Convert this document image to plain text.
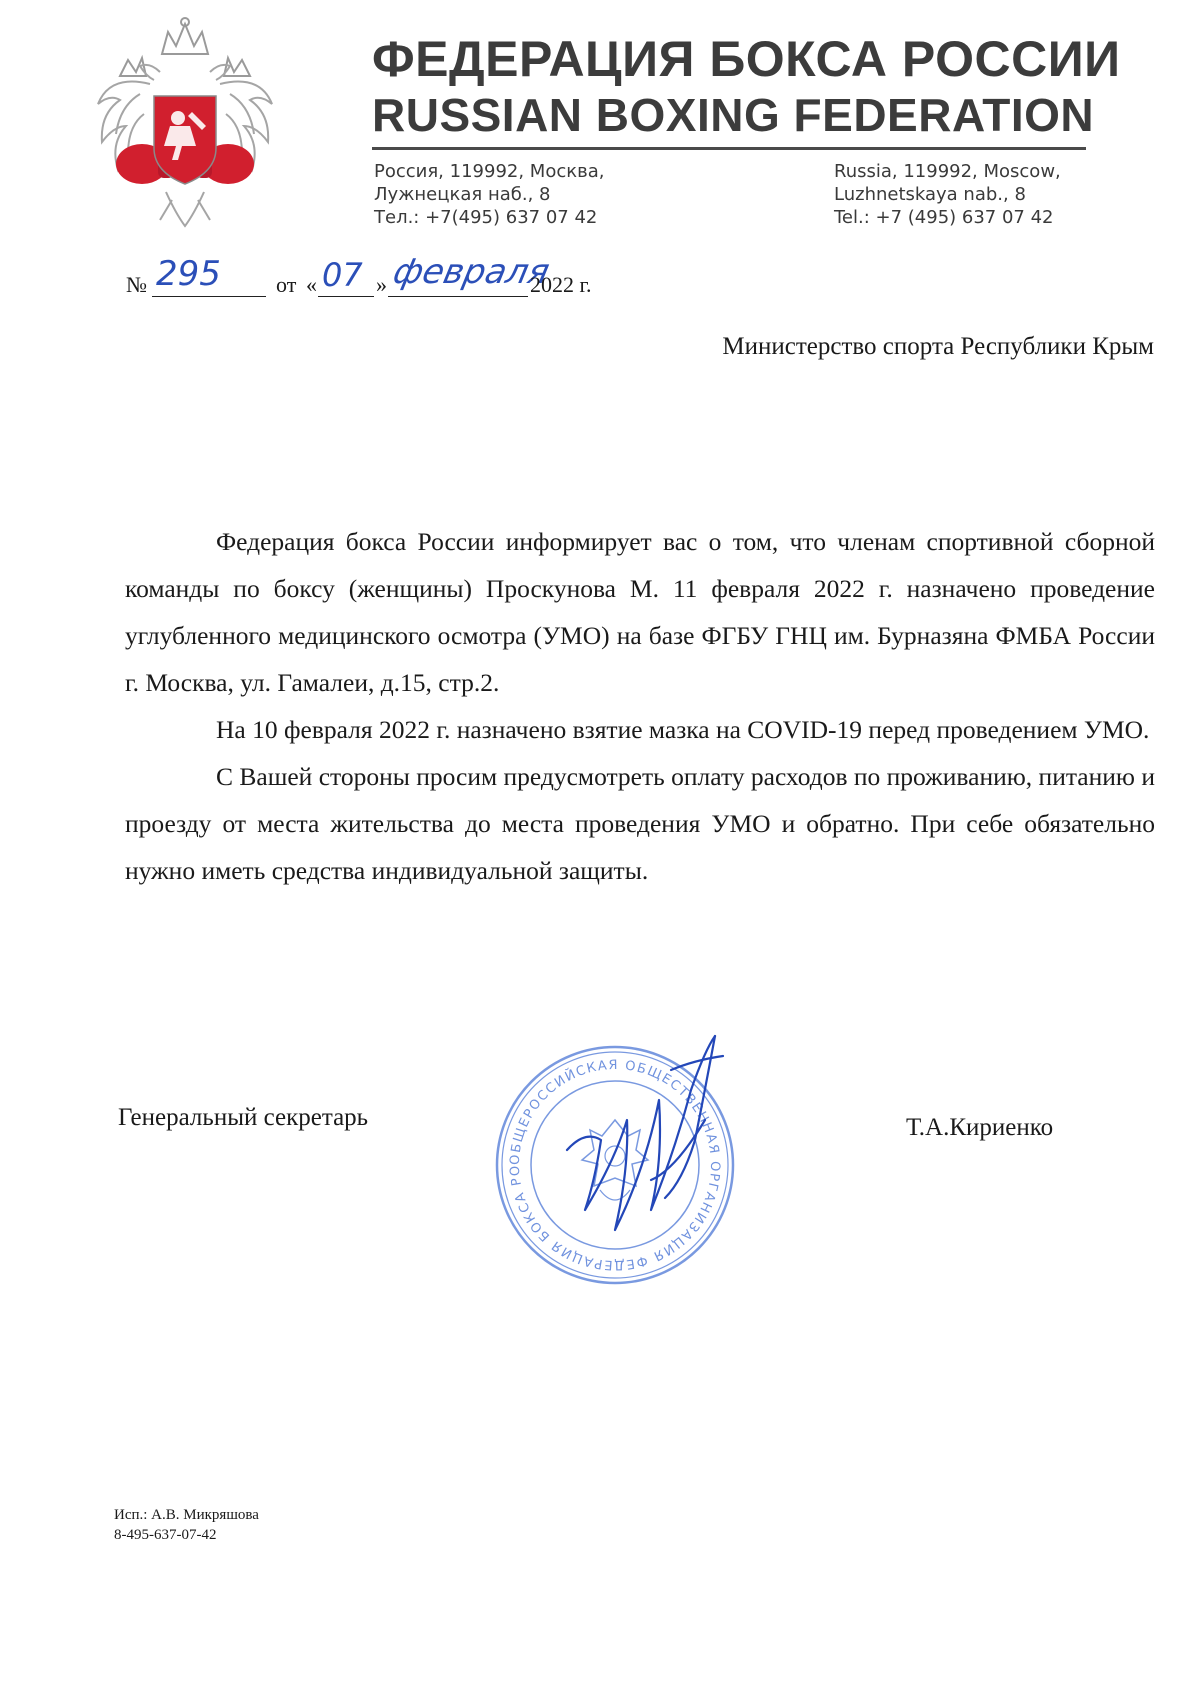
ФЕДЕРАЦИЯ БОКСА РОССИИ
RUSSIAN BOXING FEDERATION
Россия, 119992, Москва,
Лужнецкая наб., 8
Тел.: +7(495) 637 07 42
Russia, 119992, Moscow,
Luzhnetskaya nab., 8
Tel.: +7 (495) 637 07 42
№ 295	от « 07 » февраля
2022 г.
Министерство спорта Республики Крым

Федерация бокса России информирует вас о том, что членам спортивной сборной команды по боксу (женщины) Проскунова М. 11 февраля 2022 г. назначено проведение углубленного медицинского осмотра (УМО) на базе ФГБУ ГНЦ им. Бурназяна ФМБА России г. Москва, ул. Гамалеи, д.15, стр.2.

На 10 февраля 2022 г. назначено взятие мазка на COVID-19 перед проведением УМО.

С Вашей стороны просим предусмотреть оплату расходов по проживанию, питанию и проезду от места жительства до места проведения УМО и обратно. При себе обязательно нужно иметь средства индивидуальной защиты.

Генеральный секретарь	Т.А.Кириенко
ОБЩЕРОССИЙСКАЯ ОБЩЕСТВЕННАЯ ОРГАНИЗАЦИЯ ФЕДЕРАЦИЯ БОКСА РО
Исп.: А.В. Микряшова
8-495-637-07-42
